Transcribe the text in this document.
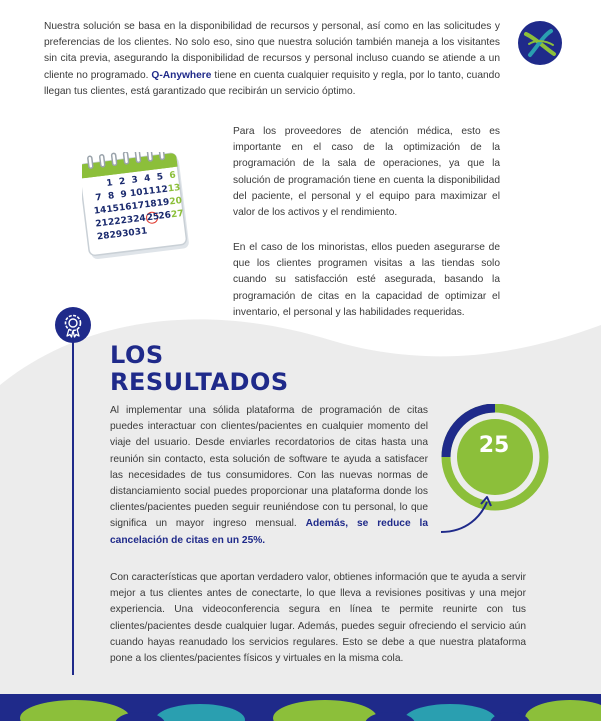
Nuestra solución se basa en la disponibilidad de recursos y personal, así como en las solicitudes y preferencias de los clientes. No solo eso, sino que nuestra solución también maneja a los visitantes sin cita previa, asegurando la disponibilidad de recursos y personal incluso cuando se atiende a un cliente no programado. Q-Anywhere tiene en cuenta cualquier requisito y regla, por lo tanto, cuando llegan tus clientes, está garantizado que recibirán un servicio óptimo.

1 2 3 4 5 6
7 8 9 10
11
12
13
14
15
16
17
18
19
20
21
22
23
24 25
26
27
28
29
30
31

Para los proveedores de atención médica, esto es importante en el caso de la optimización de la programación de la sala de operaciones, ya que la solución de programación tiene en cuenta la disponibilidad del paciente, el personal y el equipo para maximizar el valor de los activos y el rendimiento.

En el caso de los minoristas, ellos pueden asegurarse de que los clientes programen visitas a las tiendas solo cuando su satisfacción esté asegurada, basando la programación de citas en la capacidad de optimizar el inventario, el personal y las habilidades requeridas.

LOS
RESULTADOS

Al implementar una sólida plataforma de programación de citas puedes interactuar con clientes/pacientes en cualquier momento del viaje del usuario. Desde enviarles recordatorios de citas hasta una reunión sin contacto, esta solución de software te ayuda a satisfacer las necesidades de tus consumidores. Con las nuevas normas de distanciamiento social puedes proporcionar una plataforma donde los clientes/pacientes pueden seguir reuniéndose con tu personal, lo que significa un mayor ingreso mensual. Además, se reduce la cancelación de citas en un 25%.

25

Con características que aportan verdadero valor, obtienes información que te ayuda a servir mejor a tus clientes antes de conectarte, lo que lleva a revisiones positivas y una mejor experiencia. Una videoconferencia segura en línea te permite reunirte con tus clientes/pacientes desde cualquier lugar. Además, puedes seguir ofreciendo el servicio aún cuando hayas reanudado los servicios regulares. Esto se debe a que nuestra plataforma pone a los clientes/pacientes físicos y virtuales en la misma cola.
